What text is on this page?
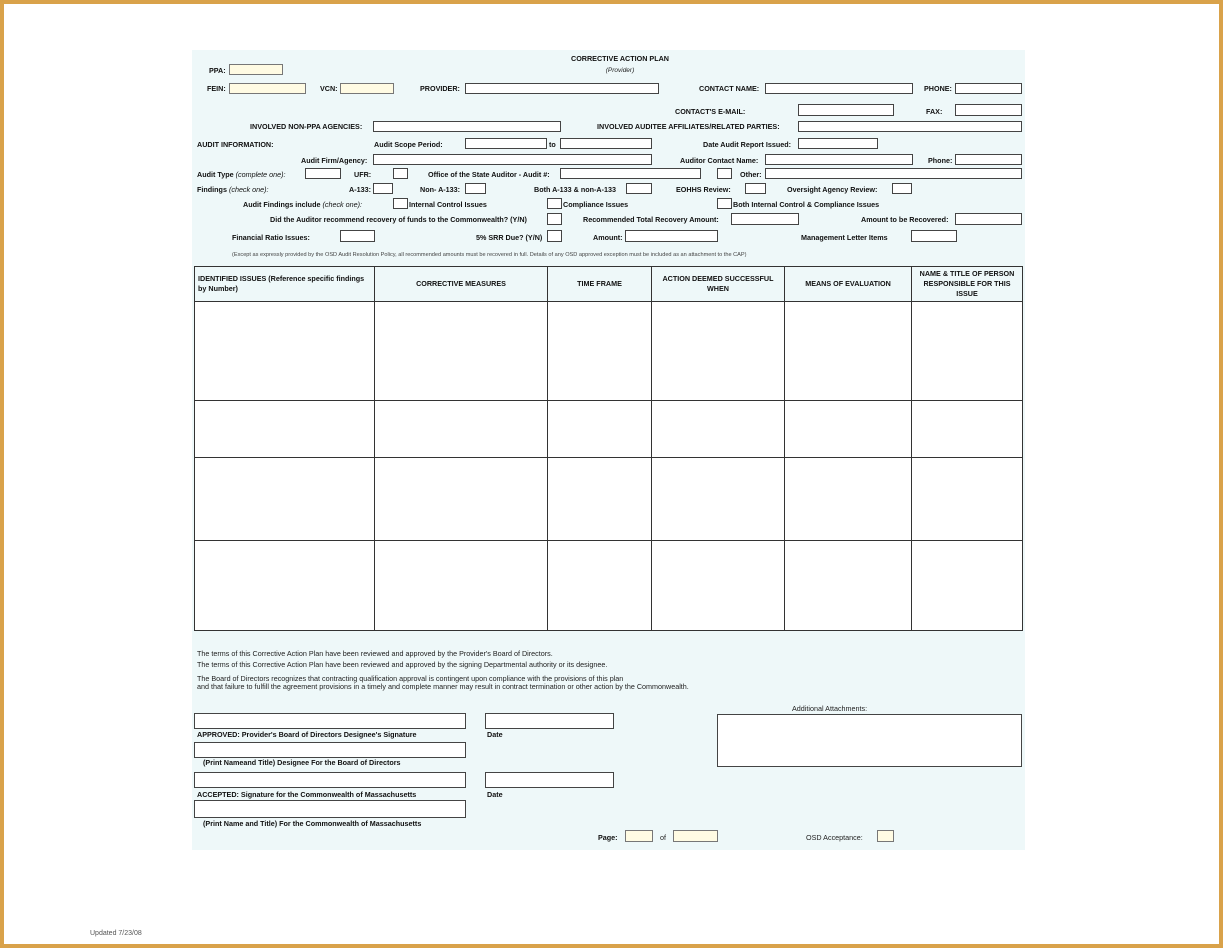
CORRECTIVE ACTION PLAN
(Provider)
PPA:
FEIN:	VCN:	PROVIDER:	CONTACT NAME:	PHONE:
CONTACT'S E-MAIL:	FAX:
INVOLVED NON-PPA AGENCIES:	INVOLVED AUDITEE AFFILIATES/RELATED PARTIES:
AUDIT INFORMATION:	Audit Scope Period:	to	Date Audit Report Issued:
Audit Firm/Agency:	Auditor Contact Name:	Phone:
Audit Type (complete one):	UFR:	Office of the State Auditor - Audit #:	Other:
Findings (check one):	A-133:	Non- A-133:	Both A-133 & non-A-133	EOHHS Review:	Oversight Agency Review:
Audit Findings include (check one):	Internal Control Issues	Compliance Issues	Both Internal Control & Compliance Issues
Did the Auditor recommend recovery of funds to the Commonwealth? (Y/N)	Recommended Total Recovery Amount:	Amount to be Recovered:
Financial Ratio Issues:	5% SRR Due? (Y/N)	Amount:	Management Letter Items
(Except as expressly provided by the OSD Audit Resolution Policy, all recommended amounts must be recovered in full. Details of any OSD approved exception must be included as an attachment to the CAP)
IDENTIFIED ISSUES (Reference specific findings by Number)	CORRECTIVE MEASURES	TIME FRAME	ACTION DEEMED SUCCESSFUL WHEN	MEANS OF EVALUATION	NAME & TITLE OF PERSON RESPONSIBLE FOR THIS ISSUE

The terms of this Corrective Action Plan have been reviewed and approved by the Provider's Board of Directors.
The terms of this Corrective Action Plan have been reviewed and approved by the signing Departmental authority or its designee.
The Board of Directors recognizes that contracting qualification approval is contingent upon compliance with the provisions of this plan
and that failure to fulfill the agreement provisions in a timely and complete manner may result in contract termination or other action by the Commonwealth.
APPROVED: Provider's Board of Directors Designee's Signature	Date
(Print Nameand Title) Designee For the Board of Directors
ACCEPTED: Signature for the Commonwealth of Massachusetts	Date
(Print Name and Title) For the Commonwealth of Massachusetts
Additional Attachments:
Page:	of	OSD Acceptance:
Updated 7/23/08
